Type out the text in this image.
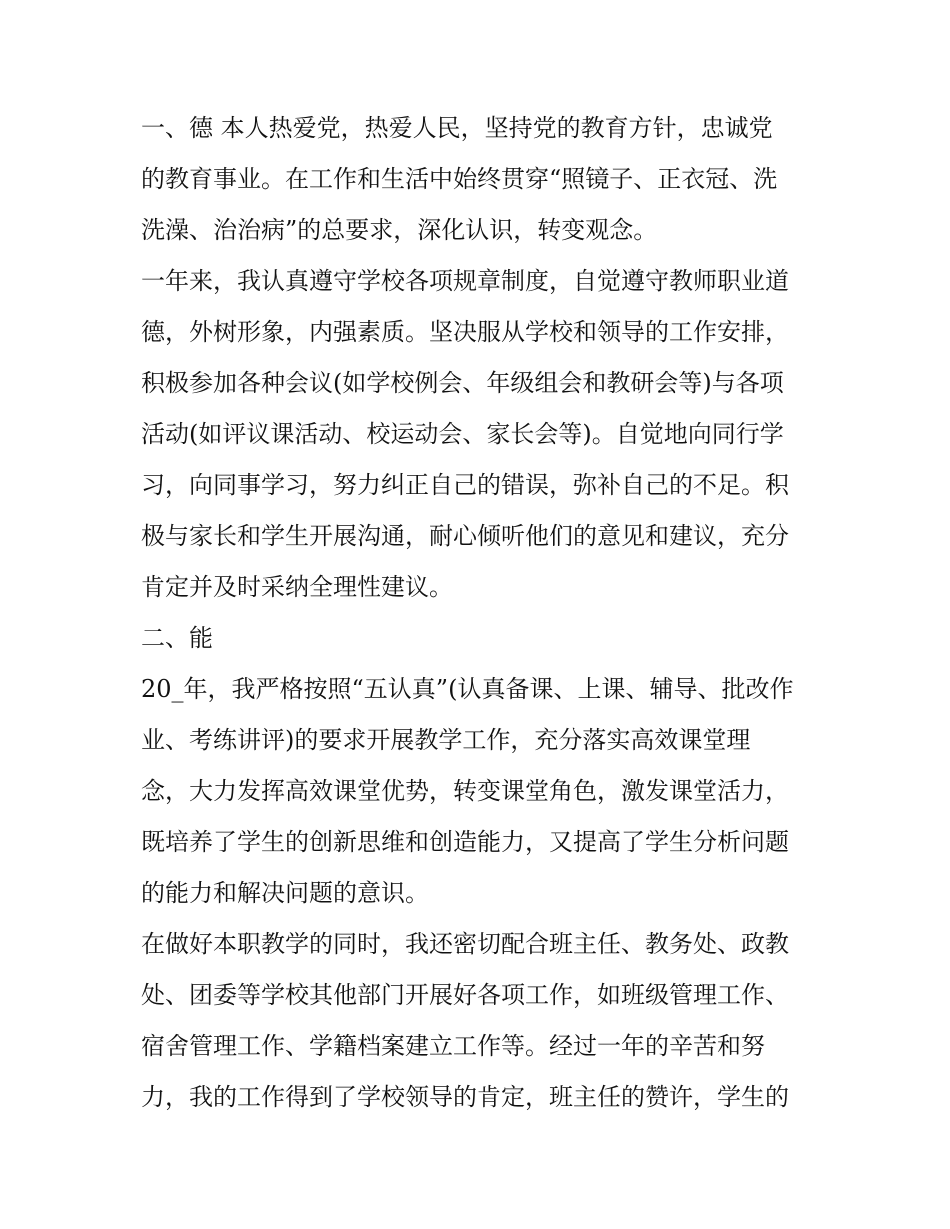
一、德 本人热爱党，热爱人民，坚持党的教育方针，忠诚党
的教育事业。在工作和生活中始终贯穿“照镜子、正衣冠、洗
洗澡、治治病”的总要求，深化认识，转变观念。
一年来，我认真遵守学校各项规章制度，自觉遵守教师职业道
德，外树形象，内强素质。坚决服从学校和领导的工作安排，
积极参加各种会议(如学校例会、年级组会和教研会等)与各项
活动(如评议课活动、校运动会、家长会等)。自觉地向同行学
习，向同事学习，努力纠正自己的错误，弥补自己的不足。积
极与家长和学生开展沟通，耐心倾听他们的意见和建议，充分
肯定并及时采纳全理性建议。
二、能
20_年，我严格按照“五认真”(认真备课、上课、辅导、批改作
业、考练讲评)的要求开展教学工作，充分落实高效课堂理
念，大力发挥高效课堂优势，转变课堂角色，激发课堂活力，
既培养了学生的创新思维和创造能力，又提高了学生分析问题
的能力和解决问题的意识。
在做好本职教学的同时，我还密切配合班主任、教务处、政教
处、团委等学校其他部门开展好各项工作，如班级管理工作、
宿舍管理工作、学籍档案建立工作等。经过一年的辛苦和努
力，我的工作得到了学校领导的肯定，班主任的赞许，学生的
